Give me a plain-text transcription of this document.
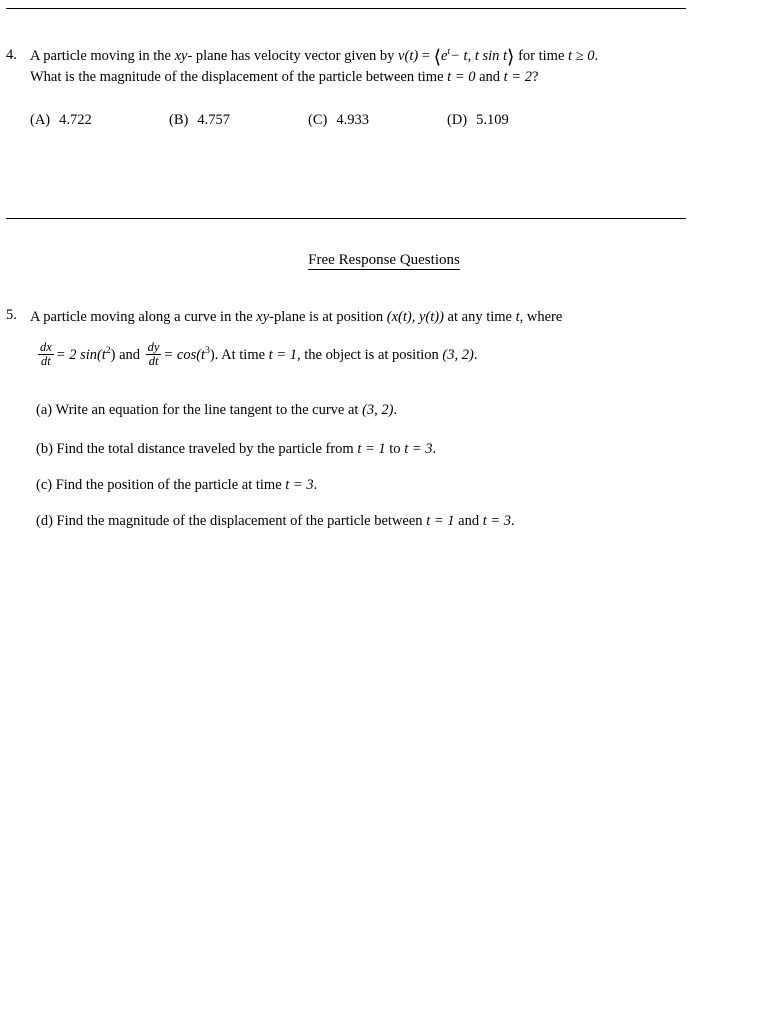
4. A particle moving in the xy- plane has velocity vector given by $v(t) = ⟨e^t- t$, t sin t⟩ for time t ≥ 0.
What is the magnitude of the displacement of the particle between time t = 0 and t = 2?
(A) 4.722	(B) 4.757	(C) 4.933	(D) 5.109
Free Response Questions
5. A particle moving along a curve in the xy-plane is at position (x(t), y(t)) at any time t, where
$\frac{dx}{dt} = 2$ $\sin(t^2)$ and $\frac{dy}{dt} = \cos(t^3)$. At time t = 1, the object is at position (3, 2).
(a) Write an equation for the line tangent to the curve at (3, 2).
(b) Find the total distance traveled by the particle from t = 1 to t = 3.
(c) Find the position of the particle at time t = 3.
(d) Find the magnitude of the displacement of the particle between t = 1 and t = 3.
